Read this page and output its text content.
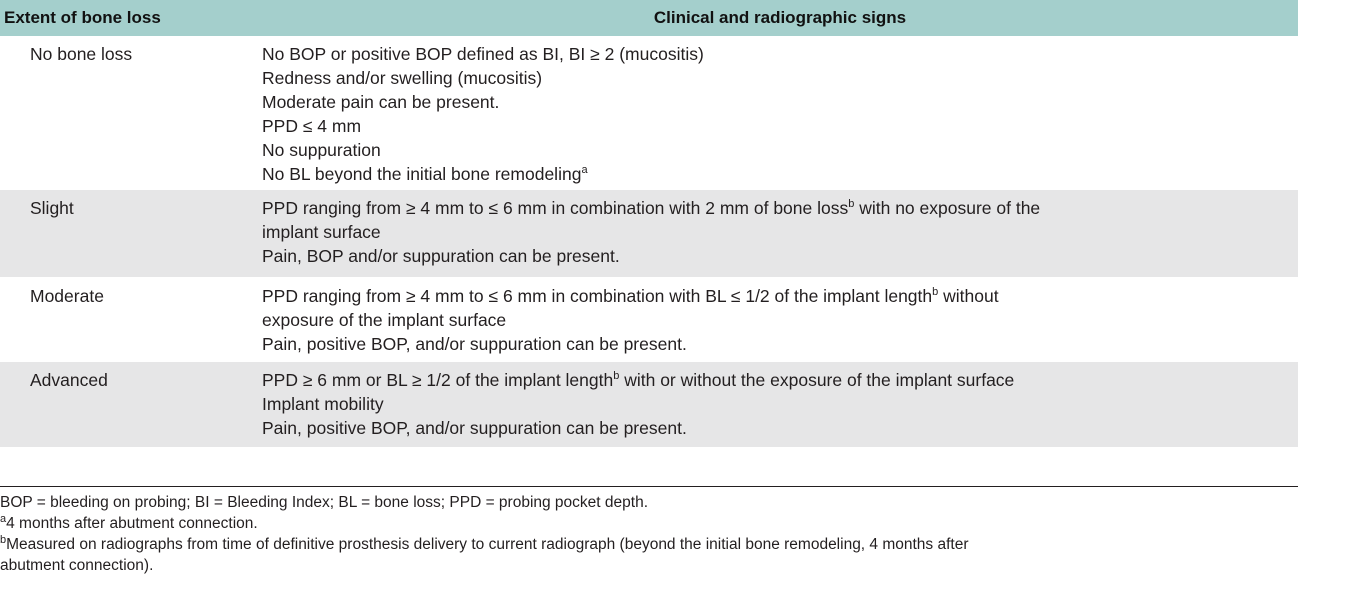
Extent of bone loss	Clinical and radiographic signs
No bone loss	No BOP or positive BOP defined as BI, BI ≥ 2 (mucositis)
Redness and/or swelling (mucositis)
Moderate pain can be present.
PPD ≤ 4 mm
No suppuration
No BL beyond the initial bone remodeling$^a$
Slight	PPD ranging from ≥ 4 mm to ≤ 6 mm in combination with 2 mm of bone loss$^b$ with no exposure of the
implant surface
Pain, BOP and/or suppuration can be present.
Moderate	PPD ranging from ≥ 4 mm to ≤ 6 mm in combination with BL ≤ 1/2 of the implant length$^b$ without
exposure of the implant surface
Pain, positive BOP, and/or suppuration can be present.
Advanced	PPD ≥ 6 mm or BL ≥ 1/2 of the implant length$^b$ with or without the exposure of the implant surface
Implant mobility
Pain, positive BOP, and/or suppuration can be present.

BOP = bleeding on probing; BI = Bleeding Index; BL = bone loss; PPD = probing pocket depth.

$^a$4 months after abutment connection.

$^b$Measured on radiographs from time of definitive prosthesis delivery to current radiograph (beyond the initial bone remodeling, 4 months after
abutment connection).
